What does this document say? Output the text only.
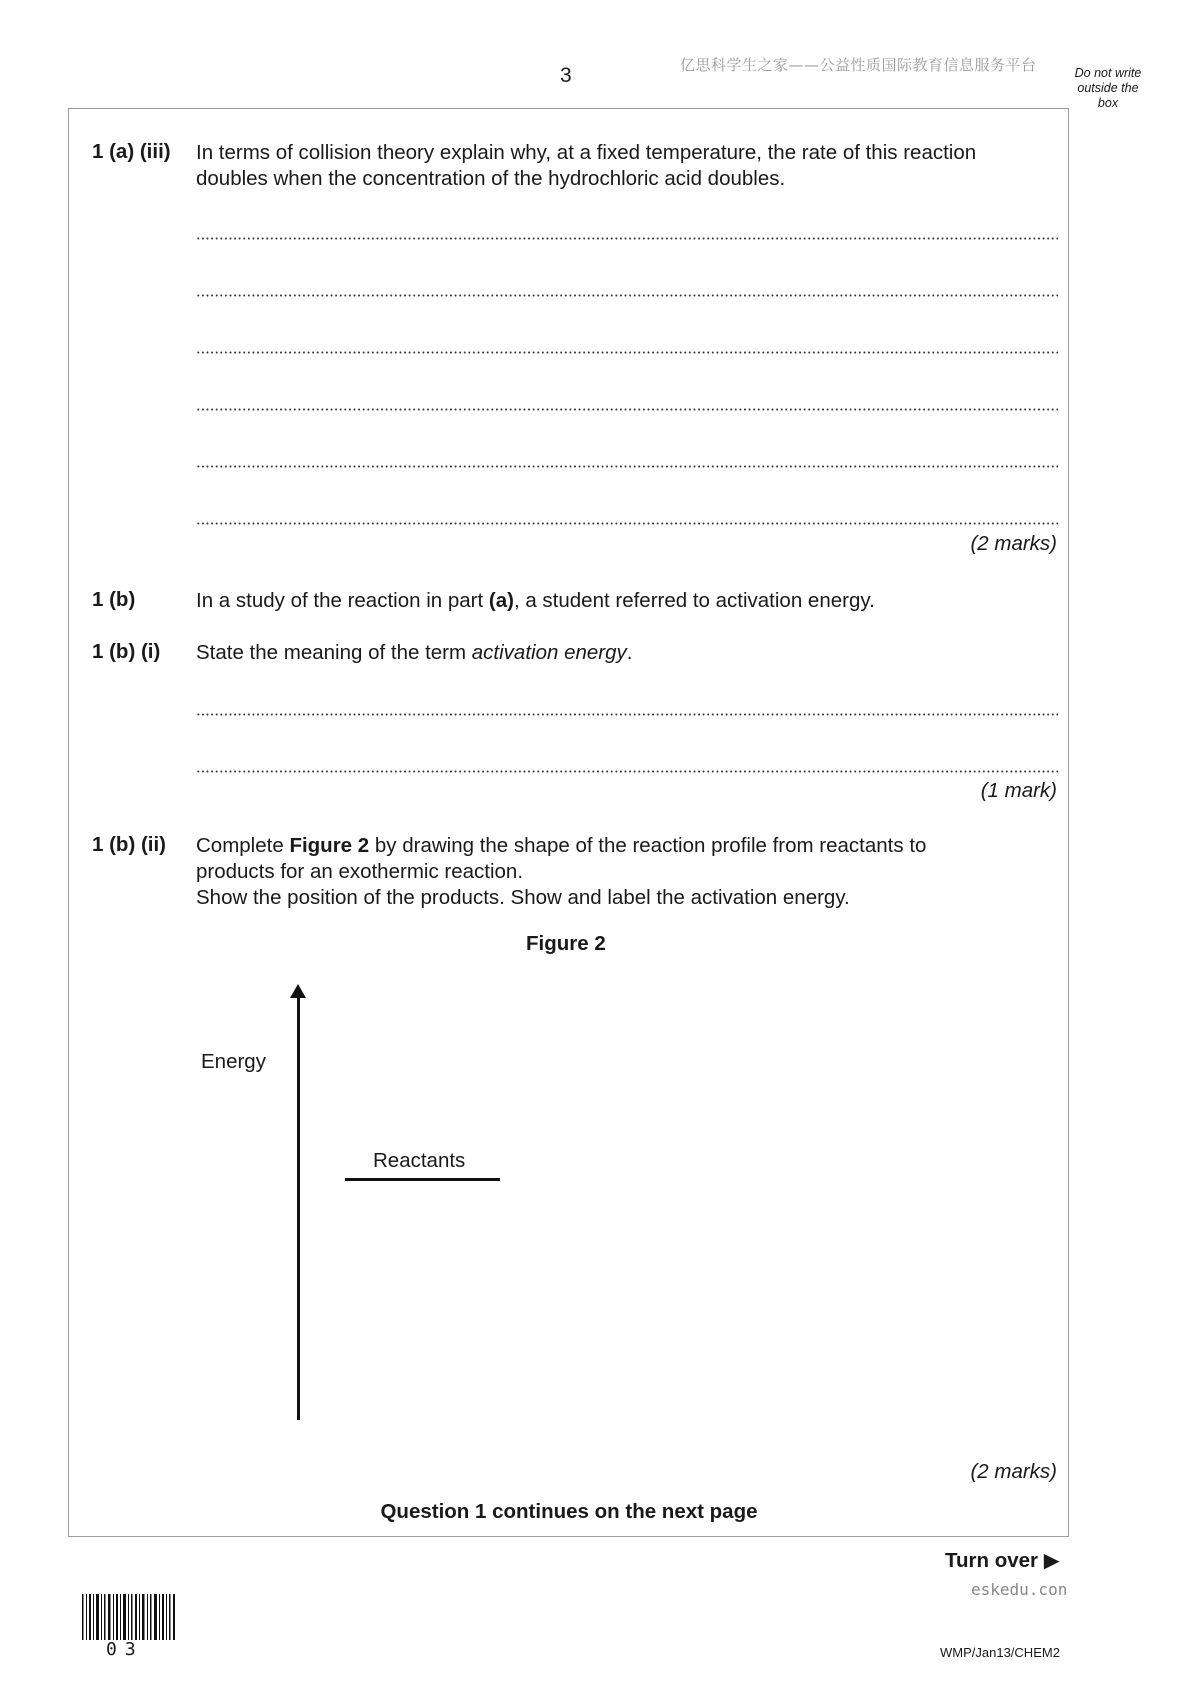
3	亿思科学生之家——公益性质国际教育信息服务平台	Do not write
outside the
box
1 (a) (iii) In terms of collision theory explain why, at a fixed temperature, the rate of this reaction
doubles when the concentration of the hydrochloric acid doubles.
(2 marks)
1 (b)	In a study of the reaction in part (a), a student referred to activation energy.
1 (b) (i) State the meaning of the term activation energy.
(1 mark)
1 (b) (ii) Complete Figure 2 by drawing the shape of the reaction profile from reactants to
products for an exothermic reaction.
Show the position of the products. Show and label the activation energy.
Figure 2
Energy
Reactants
(2 marks)
Question 1 continues on the next page
Turn over ▶
eskedu.con
03	WMP/Jan13/CHEM2
